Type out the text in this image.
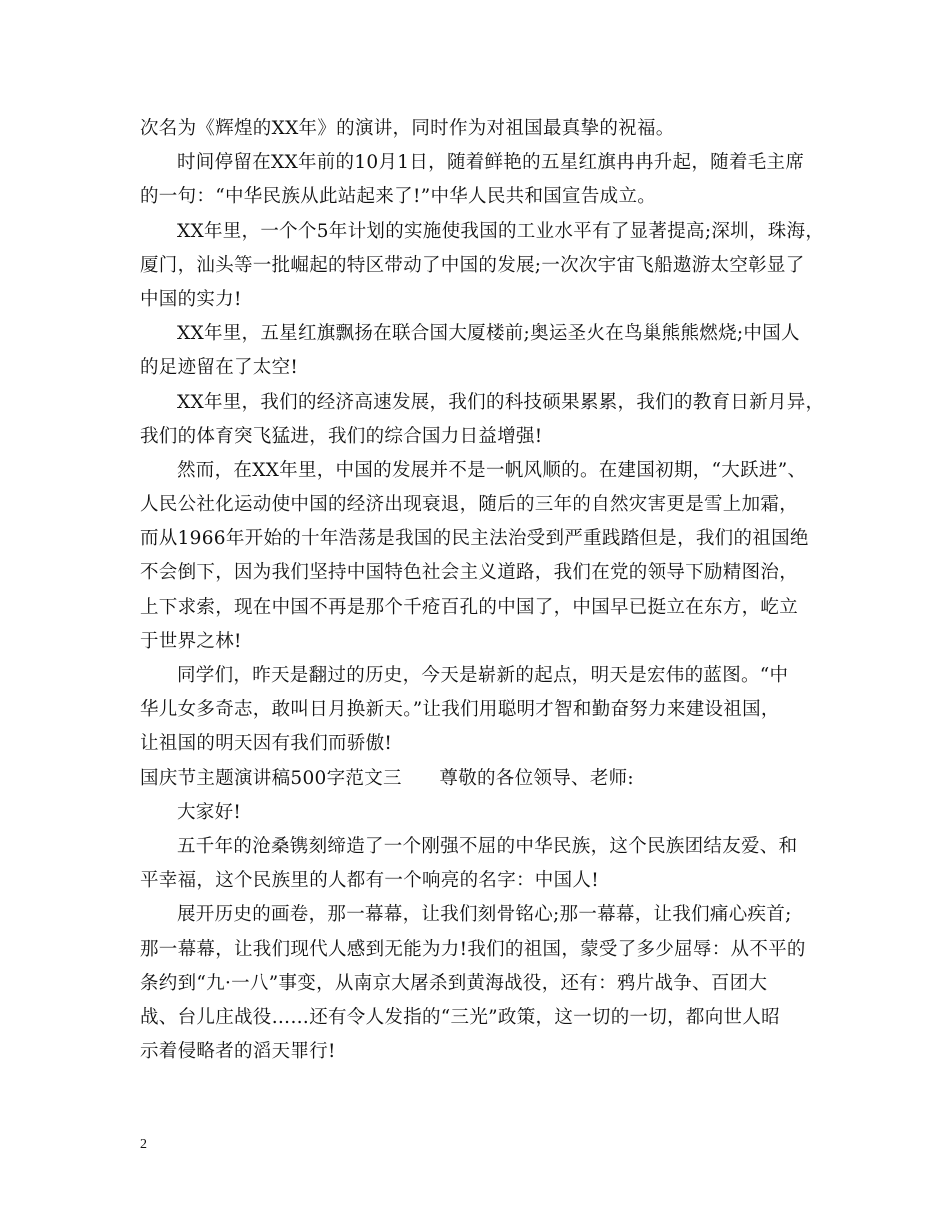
次名为《辉煌的XX年》的演讲，同时作为对祖国最真挚的祝福。
时间停留在XX年前的10月1日，随着鲜艳的五星红旗冉冉升起，随着毛主席
的一句：“中华民族从此站起来了!”中华人民共和国宣告成立。
XX年里，一个个5年计划的实施使我国的工业水平有了显著提高;深圳，珠海，
厦门，汕头等一批崛起的特区带动了中国的发展;一次次宇宙飞船遨游太空彰显了
中国的实力!
XX年里，五星红旗飘扬在联合国大厦楼前;奥运圣火在鸟巢熊熊燃烧;中国人
的足迹留在了太空!
XX年里，我们的经济高速发展，我们的科技硕果累累，我们的教育日新月异，
我们的体育突飞猛进，我们的综合国力日益增强!
然而，在XX年里，中国的发展并不是一帆风顺的。在建国初期，“大跃进”、
人民公社化运动使中国的经济出现衰退，随后的三年的自然灾害更是雪上加霜，
而从1966年开始的十年浩荡是我国的民主法治受到严重践踏但是，我们的祖国绝
不会倒下，因为我们坚持中国特色社会主义道路，我们在党的领导下励精图治，
上下求索，现在中国不再是那个千疮百孔的中国了，中国早已挺立在东方，屹立
于世界之林!
同学们，昨天是翻过的历史，今天是崭新的起点，明天是宏伟的蓝图。“中
华儿女多奇志，敢叫日月换新天。”让我们用聪明才智和勤奋努力来建设祖国，
让祖国的明天因有我们而骄傲!
国庆节主题演讲稿500字范文三　　尊敬的各位领导、老师:
大家好!
五千年的沧桑镌刻缔造了一个刚强不屈的中华民族，这个民族团结友爱、和
平幸福，这个民族里的人都有一个响亮的名字：中国人!
展开历史的画卷，那一幕幕，让我们刻骨铭心;那一幕幕，让我们痛心疾首;
那一幕幕，让我们现代人感到无能为力!我们的祖国，蒙受了多少屈辱：从不平的
条约到“九·一八”事变，从南京大屠杀到黄海战役，还有：鸦片战争、百团大
战、台儿庄战役……还有令人发指的“三光”政策，这一切的一切，都向世人昭
示着侵略者的滔天罪行!
2
